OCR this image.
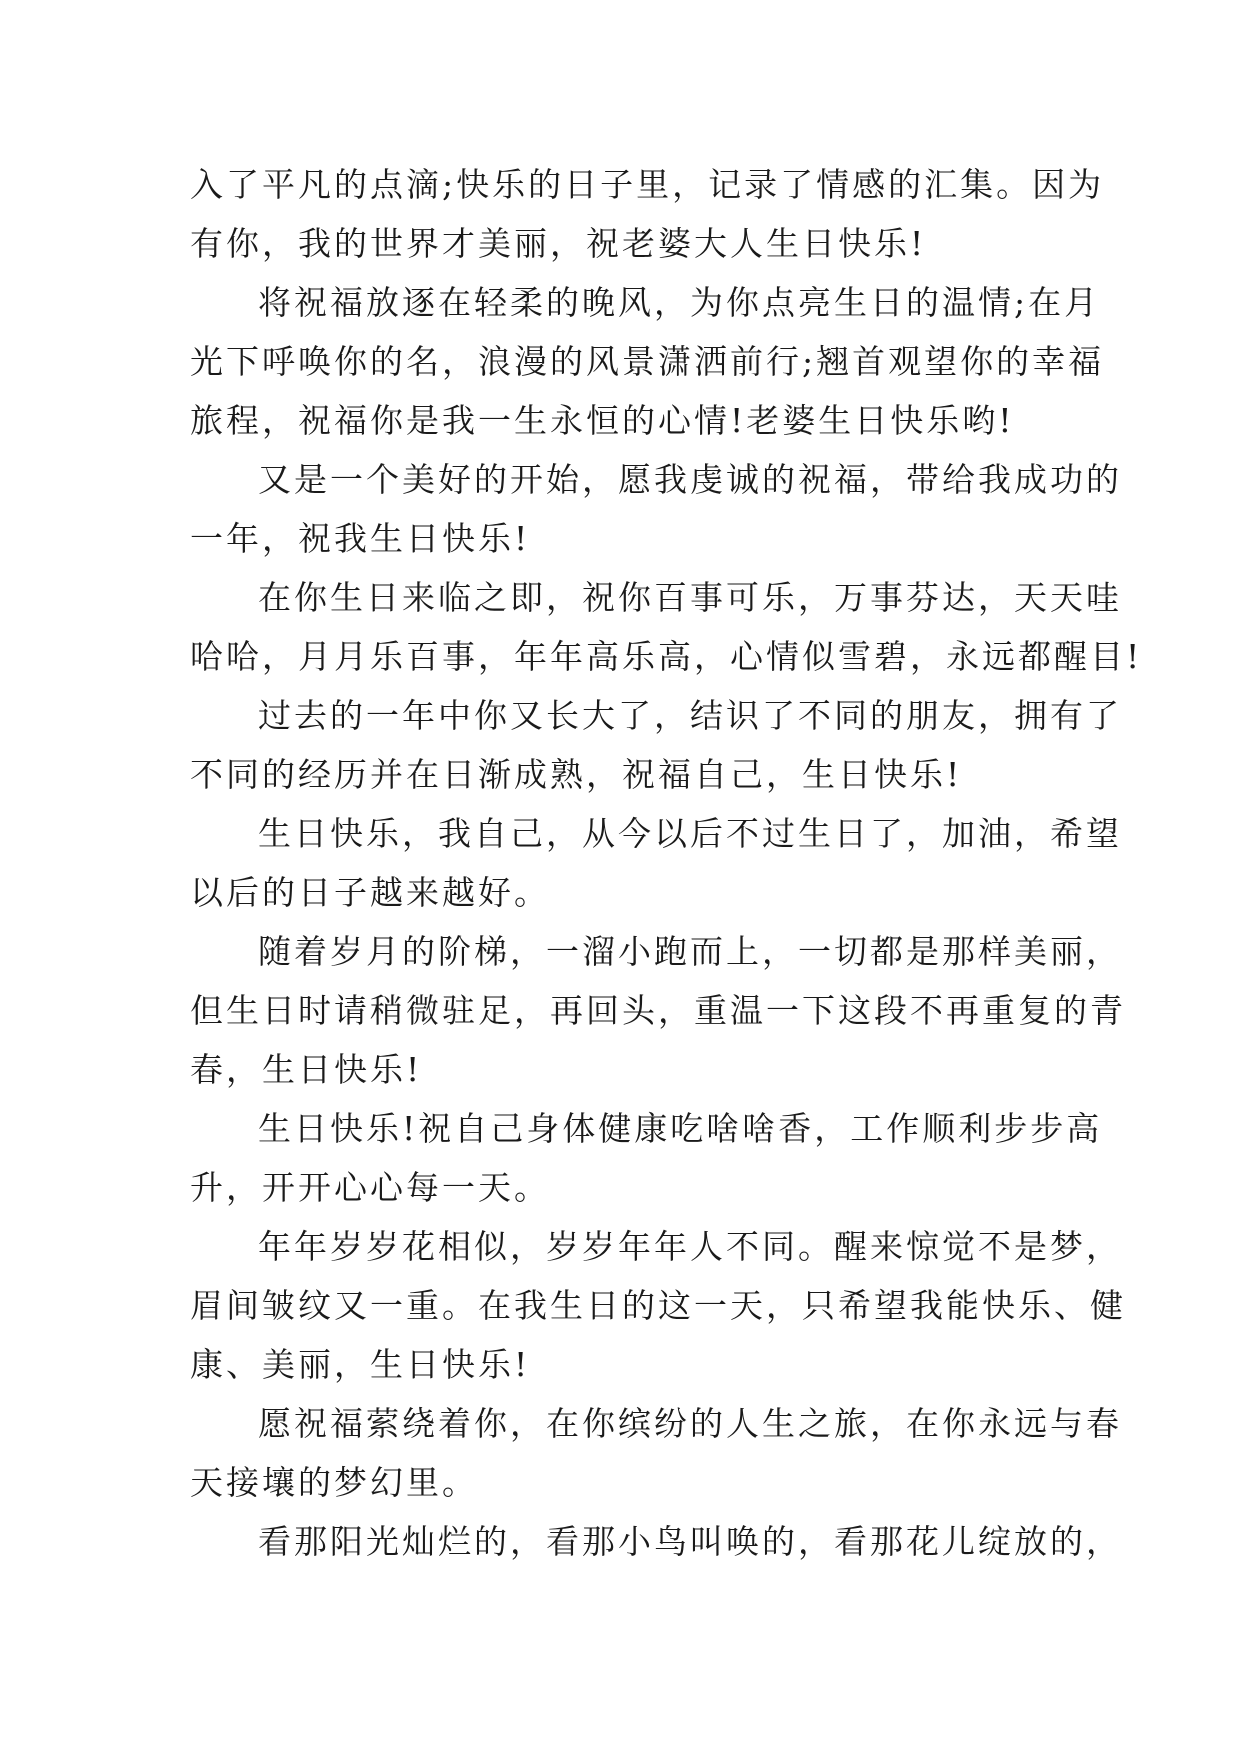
入了平凡的点滴;快乐的日子里，记录了情感的汇集。因为

有你，我的世界才美丽，祝老婆大人生日快乐!

将祝福放逐在轻柔的晚风，为你点亮生日的温情;在月

光下呼唤你的名，浪漫的风景潇洒前行;翘首观望你的幸福

旅程，祝福你是我一生永恒的心情!老婆生日快乐哟!

又是一个美好的开始，愿我虔诚的祝福，带给我成功的

一年，祝我生日快乐!

在你生日来临之即，祝你百事可乐，万事芬达，天天哇

哈哈，月月乐百事，年年高乐高，心情似雪碧，永远都醒目!

过去的一年中你又长大了，结识了不同的朋友，拥有了

不同的经历并在日渐成熟，祝福自己，生日快乐!

生日快乐，我自己，从今以后不过生日了，加油，希望

以后的日子越来越好。

随着岁月的阶梯，一溜小跑而上，一切都是那样美丽，

但生日时请稍微驻足，再回头，重温一下这段不再重复的青

春，生日快乐!

生日快乐!祝自己身体健康吃啥啥香，工作顺利步步高

升，开开心心每一天。

年年岁岁花相似，岁岁年年人不同。醒来惊觉不是梦，

眉间皱纹又一重。在我生日的这一天，只希望我能快乐、健

康、美丽，生日快乐!

愿祝福萦绕着你，在你缤纷的人生之旅，在你永远与春

天接壤的梦幻里。

看那阳光灿烂的，看那小鸟叫唤的，看那花儿绽放的，
